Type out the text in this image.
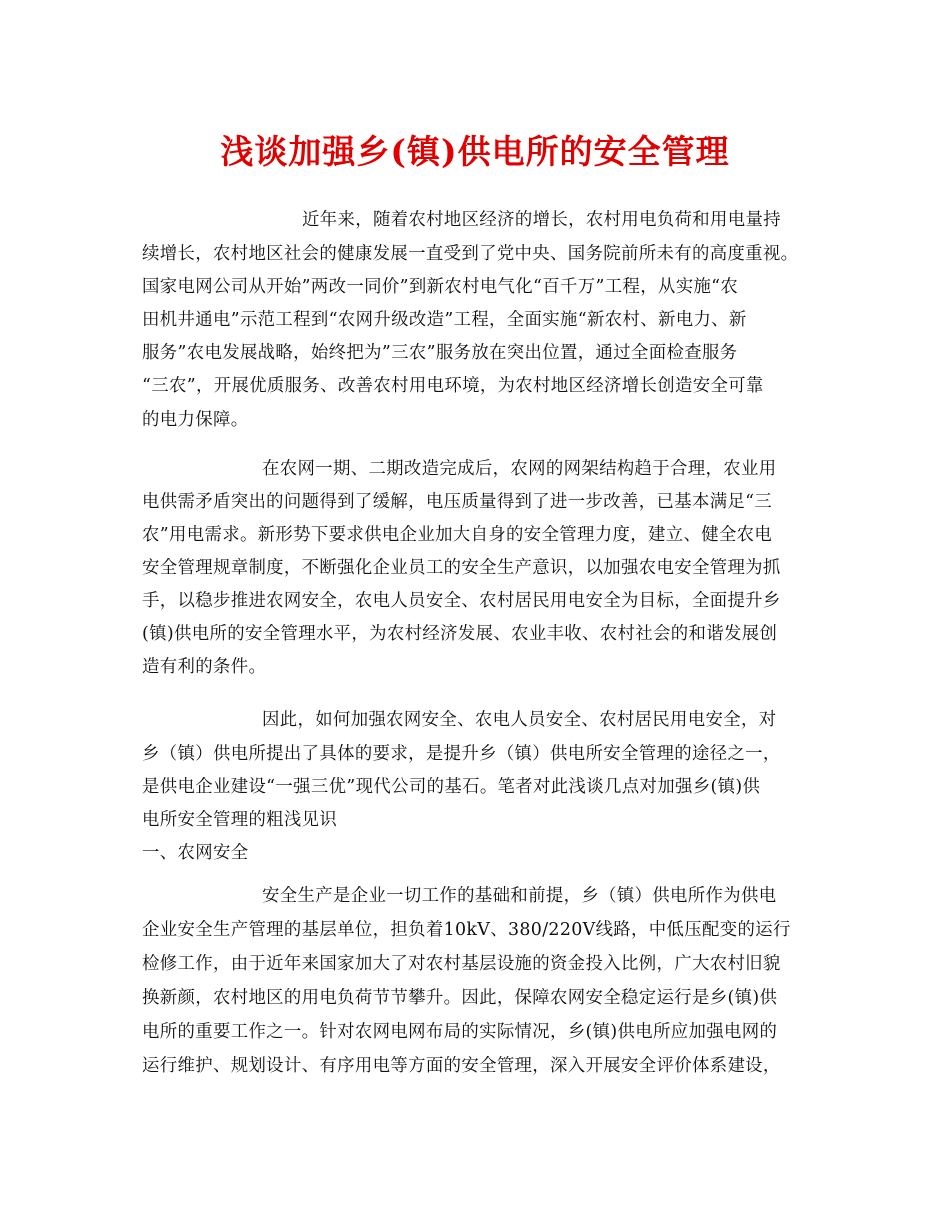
浅谈加强乡(镇)供电所的安全管理
近年来，随着农村地区经济的增长，农村用电负荷和用电量持
续增长，农村地区社会的健康发展一直受到了党中央、国务院前所未有的高度重视。
国家电网公司从开始”两改一同价”到新农村电气化“百千万”工程，从实施“农
田机井通电”示范工程到“农网升级改造”工程，全面实施“新农村、新电力、新
服务”农电发展战略，始终把为”三农”服务放在突出位置，通过全面检查服务
“三农”，开展优质服务、改善农村用电环境，为农村地区经济增长创造安全可靠
的电力保障。
在农网一期、二期改造完成后，农网的网架结构趋于合理，农业用
电供需矛盾突出的问题得到了缓解，电压质量得到了进一步改善，已基本满足“三
农”用电需求。新形势下要求供电企业加大自身的安全管理力度，建立、健全农电
安全管理规章制度，不断强化企业员工的安全生产意识，以加强农电安全管理为抓
手，以稳步推进农网安全，农电人员安全、农村居民用电安全为目标，全面提升乡
(镇)供电所的安全管理水平，为农村经济发展、农业丰收、农村社会的和谐发展创
造有利的条件。
因此，如何加强农网安全、农电人员安全、农村居民用电安全，对
乡（镇）供电所提出了具体的要求，是提升乡（镇）供电所安全管理的途径之一，
是供电企业建设“一强三优”现代公司的基石。笔者对此浅谈几点对加强乡(镇)供
电所安全管理的粗浅见识
一、农网安全
安全生产是企业一切工作的基础和前提，乡（镇）供电所作为供电
企业安全生产管理的基层单位，担负着10kV、380/220V线路，中低压配变的运行
检修工作，由于近年来国家加大了对农村基层设施的资金投入比例，广大农村旧貌
换新颜，农村地区的用电负荷节节攀升。因此，保障农网安全稳定运行是乡(镇)供
电所的重要工作之一。针对农网电网布局的实际情况，乡(镇)供电所应加强电网的
运行维护、规划设计、有序用电等方面的安全管理，深入开展安全评价体系建设，
